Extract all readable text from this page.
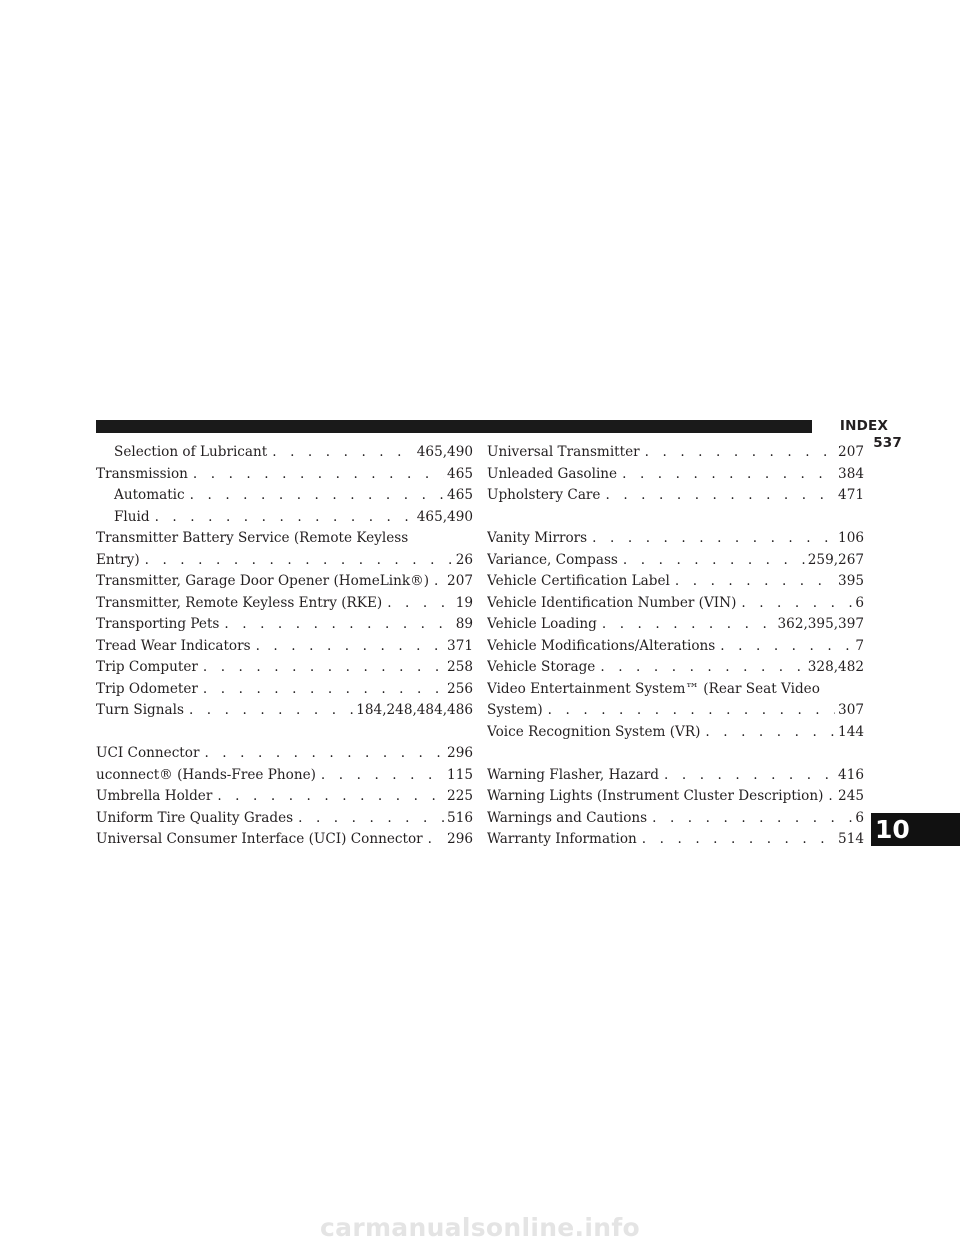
INDEX  537
Selection of Lubricant . . .	465,490
Transmission . . .	465
Automatic . . .	465
Fluid . . .	465,490
Transmitter Battery Service (Remote Keyless
Entry) . . .	26
Transmitter, Garage Door Opener (HomeLink®) . . . 207
Transmitter, Remote Keyless Entry (RKE) . . .	19
Transporting Pets . . .	89
Tread Wear Indicators . . .	371
Trip Computer . . .	258
Trip Odometer . . .	256
Turn Signals . . .	184,248,484,486
UCI Connector . . .	296
uconnect® (Hands-Free Phone) . . .	115
Umbrella Holder . . .	225
Uniform Tire Quality Grades . . .	516
Universal Consumer Interface (UCI) Connector . . . 296
Universal Transmitter . . .	207
Unleaded Gasoline . . .	384
Upholstery Care . . .	471
Vanity Mirrors . . .	106
Variance, Compass . . .	259,267
Vehicle Certification Label . . .	395
Vehicle Identification Number (VIN) . . .	6
Vehicle Loading . . .	362,395,397
Vehicle Modifications/Alterations . . .	7
Vehicle Storage . . .	328,482
Video Entertainment System™ (Rear Seat Video
System) . . .	307
Voice Recognition System (VR) . . .	144
Warning Flasher, Hazard . . .	416
Warning Lights (Instrument Cluster Description) . . . 245
Warnings and Cautions . . .	6
Warranty Information . . .	514 10
carmanualsonline.info
